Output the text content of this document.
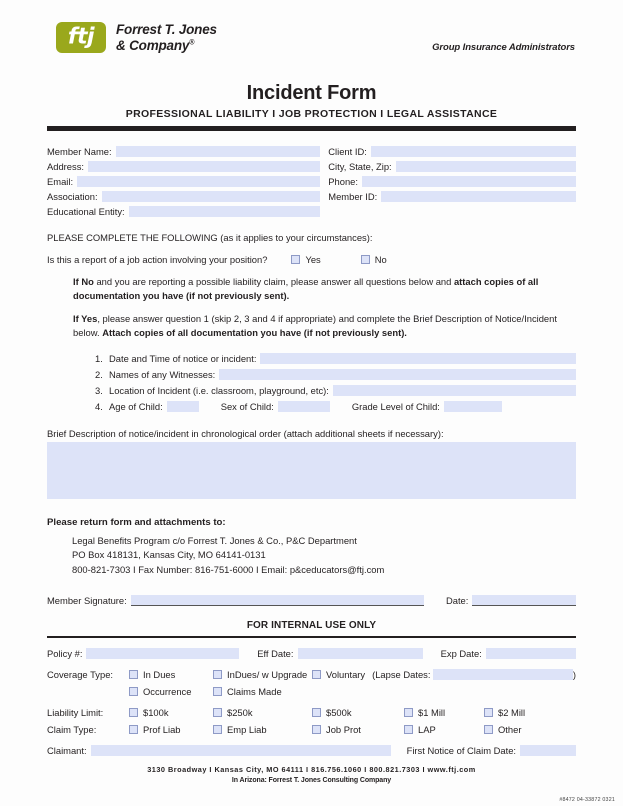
ftj	Forrest T. Jones
& Company®	Group Insurance Administrators
Incident Form
PROFESSIONAL LIABILITY I JOB PROTECTION I LEGAL ASSISTANCE
Member Name:
Address:
Email:
Association:
Educational Entity:
Client ID:
City, State, Zip:
Phone:
Member ID:
PLEASE COMPLETE THE FOLLOWING (as it applies to your circumstances):
Is this a report of a job action involving your position?	Yes	No
If No and you are reporting a possible liability claim, please answer all questions below and attach copies of all documentation you have (if not previously sent).
If Yes, please answer question 1 (skip 2, 3 and 4 if appropriate) and complete the Brief Description of Notice/Incident below. Attach copies of all documentation you have (if not previously sent).
1. Date and Time of notice or incident:
2. Names of any Witnesses:
3. Location of Incident (i.e. classroom, playground, etc):
4. Age of Child:	Sex of Child:	Grade Level of Child:
Brief Description of notice/incident in chronological order (attach additional sheets if necessary):
Please return form and attachments to:
Legal Benefits Program c/o Forrest T. Jones & Co., P&C Department
PO Box 418131, Kansas City, MO 64141-0131
800-821-7303 I Fax Number: 816-751-6000 I Email: p&ceducators@ftj.com
Member Signature:	Date:
FOR INTERNAL USE ONLY
Policy #:	Eff Date:	Exp Date:
Coverage Type:	In Dues	InDues/ w Upgrade Voluntary (Lapse Dates:	)
Occurrence	Claims Made
Liability Limit:	$100k	$250k	$500k	$1 Mill	$2 Mill
Claim Type:	Prof Liab	Emp Liab	Job Prot	LAP	Other
Claimant:	First Notice of Claim Date:
3130 Broadway I Kansas City, MO 64111 I 816.756.1060 I 800.821.7303 I www.ftj.com
In Arizona: Forrest T. Jones Consulting Company
#8472 04-33872 0321
